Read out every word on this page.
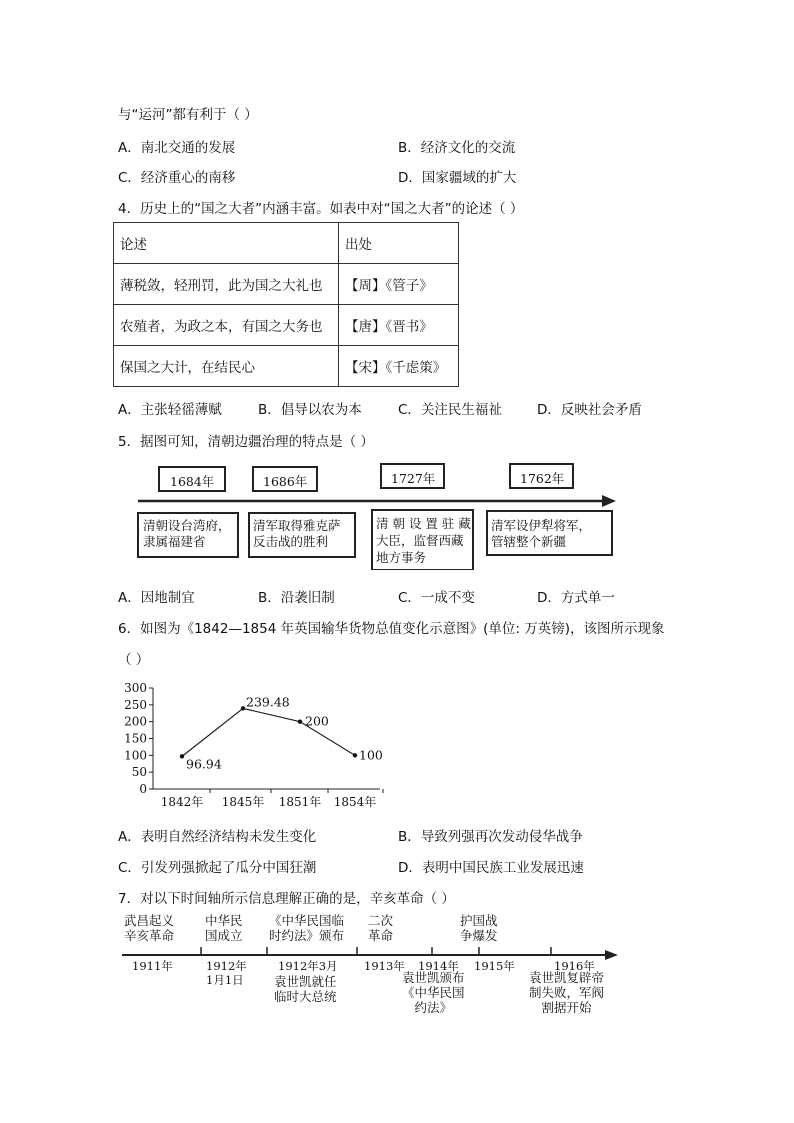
与“运河”都有利于（ ）
A．南北交通的发展	B．经济文化的交流
C．经济重心的南移	D．国家疆域的扩大
4．历史上的“国之大者”内涵丰富。如表中对“国之大者”的论述（ ）
论述	出处
薄税敛，轻刑罚，此为国之大礼也	【周】《管子》
农殖者，为政之本，有国之大务也	【唐】《晋书》
保国之大计，在结民心	【宋】《千虑策》
A．主张轻徭薄赋	B．倡导以农为本	C．关注民生福祉	D．反映社会矛盾
5．据图可知，清朝边疆治理的特点是（ ）
1684年	1686年	1727年	1762年
清朝设台湾府，
隶属福建省
清军取得雅克萨
反击战的胜利
清 朝 设 置 驻 藏
大臣，监督西藏
地方事务
清军设伊犁将军，
管辖整个新疆
A．因地制宜	B．沿袭旧制	C．一成不变	D．方式单一
6．如图为《1842—1854 年英国输华货物总值变化示意图》(单位: 万英镑)，该图所示现象
（ ）
300
250
200
150
100
50
0
1842年 1845年 1851年 1854年
96.94
239.48
200
100
A．表明自然经济结构未发生变化	B．导致列强再次发动侵华战争
C．引发列强掀起了瓜分中国狂潮	D．表明中国民族工业发展迅速
7．对以下时间轴所示信息理解正确的是，辛亥革命（ ）
武昌起义
辛亥革命
中华民
国成立
《中华民国临
时约法》颁布
二次
革命
护国战
争爆发
1911年	1912年
1月1日
1912年3月 1913年 1914年 1915年	1916年
袁世凯就任
临时大总统
袁世凯颁布
《中华民国
约法》
袁世凯复辟帝
制失败，军阀
割据开始
